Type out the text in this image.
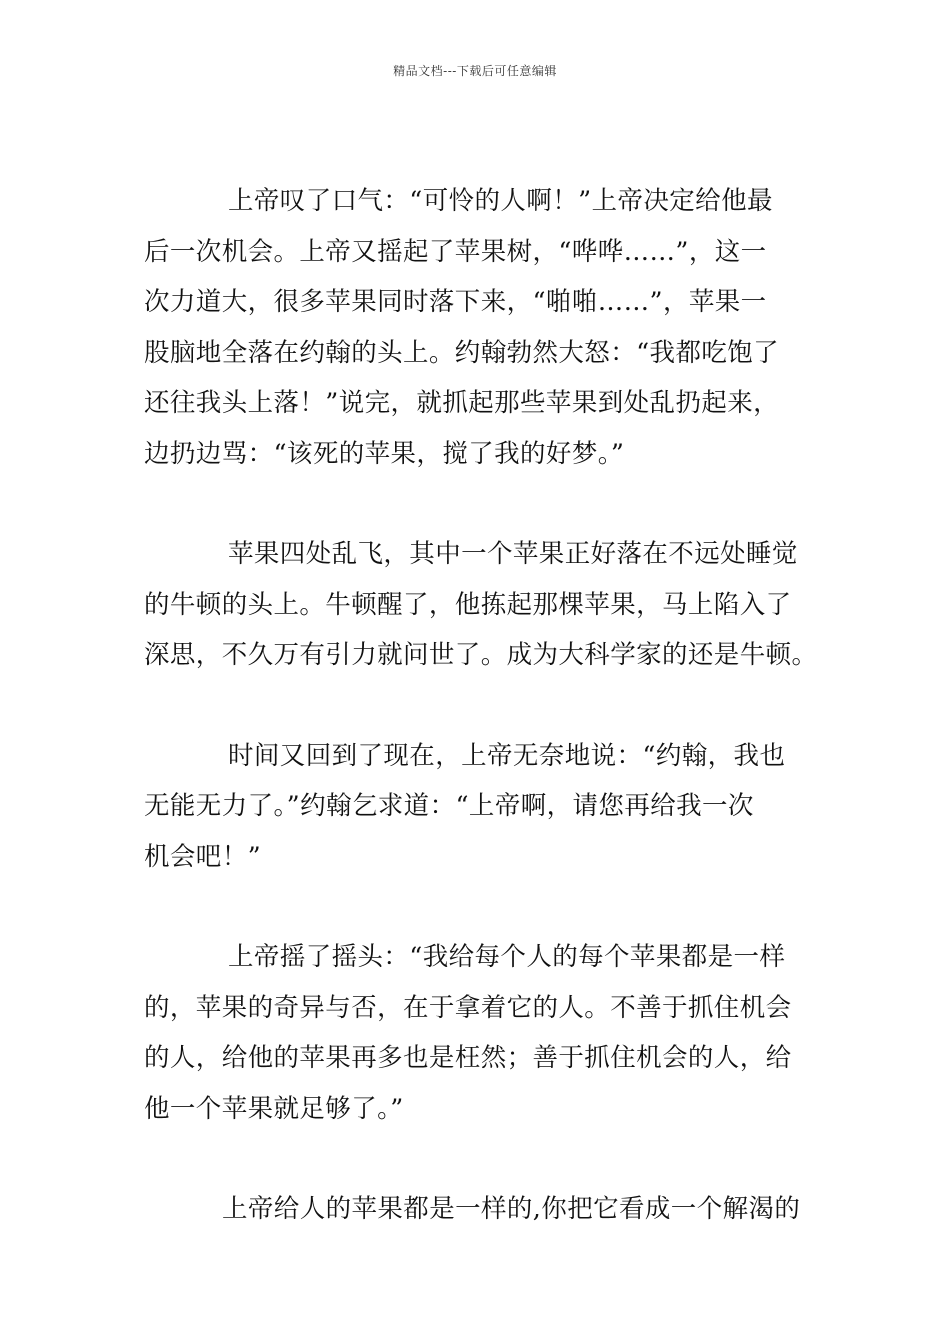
精品文档---下载后可任意编辑

上帝叹了口气：“可怜的人啊！”上帝决定给他最
后一次机会。上帝又摇起了苹果树，“哗哗……”，这一
次力道大，很多苹果同时落下来，“啪啪……”，苹果一
股脑地全落在约翰的头上。约翰勃然大怒：“我都吃饱了
还往我头上落！”说完，就抓起那些苹果到处乱扔起来，
边扔边骂：“该死的苹果，搅了我的好梦。”

苹果四处乱飞，其中一个苹果正好落在不远处睡觉
的牛顿的头上。牛顿醒了，他拣起那棵苹果，马上陷入了
深思，不久万有引力就问世了。成为大科学家的还是牛顿。

时间又回到了现在，上帝无奈地说：“约翰，我也
无能无力了。”约翰乞求道：“上帝啊，请您再给我一次
机会吧！”

上帝摇了摇头：“我给每个人的每个苹果都是一样
的，苹果的奇异与否，在于拿着它的人。不善于抓住机会
的人，给他的苹果再多也是枉然；善于抓住机会的人，给
他一个苹果就足够了。”

上帝给人的苹果都是一样的,你把它看成一个解渴的
